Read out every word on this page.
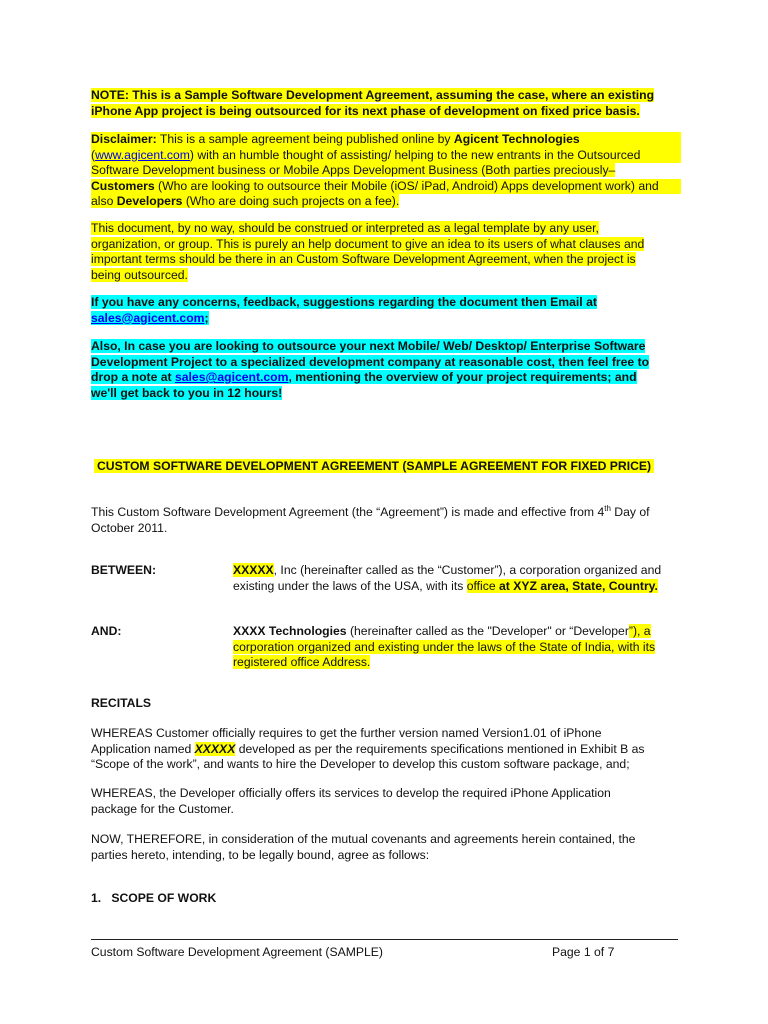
NOTE: This is a Sample Software Development Agreement, assuming the case, where an existing
iPhone App project is being outsourced for its next phase of development on fixed price basis.
Disclaimer: This is a sample agreement being published online by Agicent Technologies
(www.agicent.com) with an humble thought of assisting/ helping to the new entrants in the Outsourced
Software Development business or Mobile Apps Development Business (Both parties preciously–
Customers (Who are looking to outsource their Mobile (iOS/ iPad, Android) Apps development work) and
also Developers (Who are doing such projects on a fee).
This document, by no way, should be construed or interpreted as a legal template by any user,
organization, or group. This is purely an help document to give an idea to its users of what clauses and
important terms should be there in an Custom Software Development Agreement, when the project is
being outsourced.
If you have any concerns, feedback, suggestions regarding the document then Email at
sales@agicent.com;
Also, In case you are looking to outsource your next Mobile/ Web/ Desktop/ Enterprise Software
Development Project to a specialized development company at reasonable cost, then feel free to
drop a note at sales@agicent.com, mentioning the overview of your project requirements; and
we'll get back to you in 12 hours!
CUSTOM SOFTWARE DEVELOPMENT AGREEMENT (SAMPLE AGREEMENT FOR FIXED PRICE)
This Custom Software Development Agreement (the “Agreement”) is made and effective from 4th Day of
October 2011.
BETWEEN:	XXXXX, Inc (hereinafter called as the “Customer”), a corporation organized and
existing under the laws of the USA, with its office at XYZ area, State, Country.
AND:	XXXX Technologies (hereinafter called as the "Developer" or “Developer”), a
corporation organized and existing under the laws of the State of India, with its
registered office Address.
RECITALS
WHEREAS Customer officially requires to get the further version named Version1.01 of iPhone
Application named XXXXX developed as per the requirements specifications mentioned in Exhibit B as
“Scope of the work”, and wants to hire the Developer to develop this custom software package, and;
WHEREAS, the Developer officially offers its services to develop the required iPhone Application
package for the Customer.
NOW, THEREFORE, in consideration of the mutual covenants and agreements herein contained, the
parties hereto, intending, to be legally bound, agree as follows:
1.   SCOPE OF WORK
Custom Software Development Agreement (SAMPLE)	Page 1 of 7
